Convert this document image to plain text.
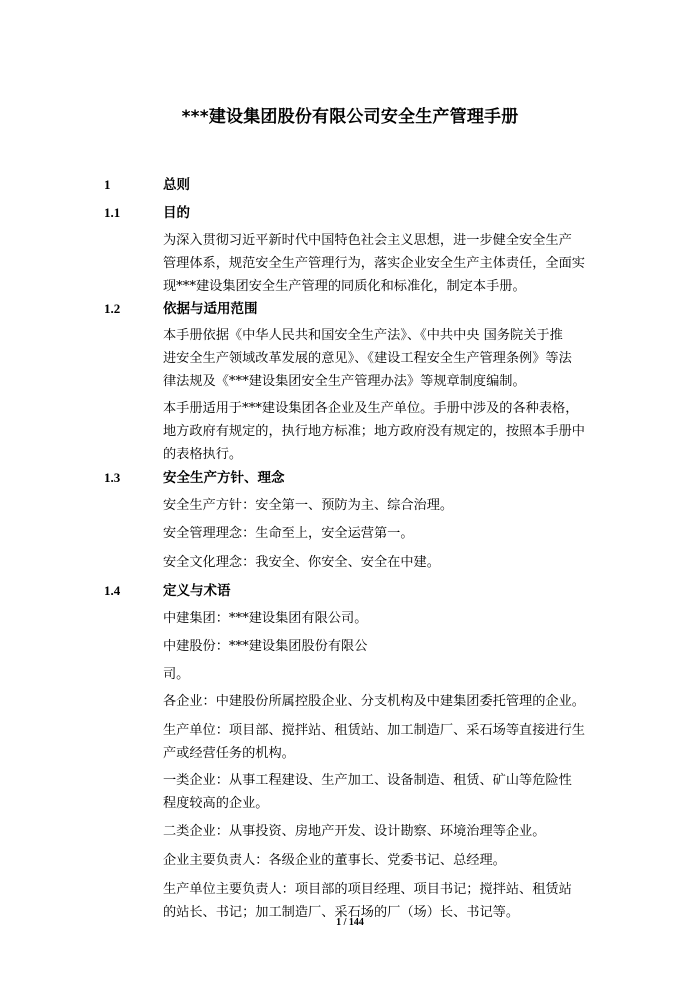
***建设集团股份有限公司安全生产管理手册
1	总则
1.1	目的
为深入贯彻习近平新时代中国特色社会主义思想，进一步健全安全生产
管理体系，规范安全生产管理行为，落实企业安全生产主体责任，全面实
现***建设集团安全生产管理的同质化和标准化，制定本手册。
1.2	依据与适用范围
本手册依据《中华人民共和国安全生产法》、《中共中央 国务院关于推
进安全生产领域改革发展的意见》、《建设工程安全生产管理条例》等法
律法规及《***建设集团安全生产管理办法》等规章制度编制。
本手册适用于***建设集团各企业及生产单位。手册中涉及的各种表格，
地方政府有规定的，执行地方标准；地方政府没有规定的，按照本手册中
的表格执行。
1.3	安全生产方针、理念
安全生产方针：安全第一、预防为主、综合治理。
安全管理理念：生命至上，安全运营第一。
安全文化理念：我安全、你安全、安全在中建。
1.4	定义与术语
中建集团：***建设集团有限公司。
中建股份：***建设集团股份有限公
司。
各企业：中建股份所属控股企业、分支机构及中建集团委托管理的企业。
生产单位：项目部、搅拌站、租赁站、加工制造厂、采石场等直接进行生
产或经营任务的机构。
一类企业：从事工程建设、生产加工、设备制造、租赁、矿山等危险性
程度较高的企业。
二类企业：从事投资、房地产开发、设计勘察、环境治理等企业。
企业主要负责人：各级企业的董事长、党委书记、总经理。
生产单位主要负责人：项目部的项目经理、项目书记；搅拌站、租赁站
的站长、书记；加工制造厂、采石场的厂（场）长、书记等。
1 / 144
